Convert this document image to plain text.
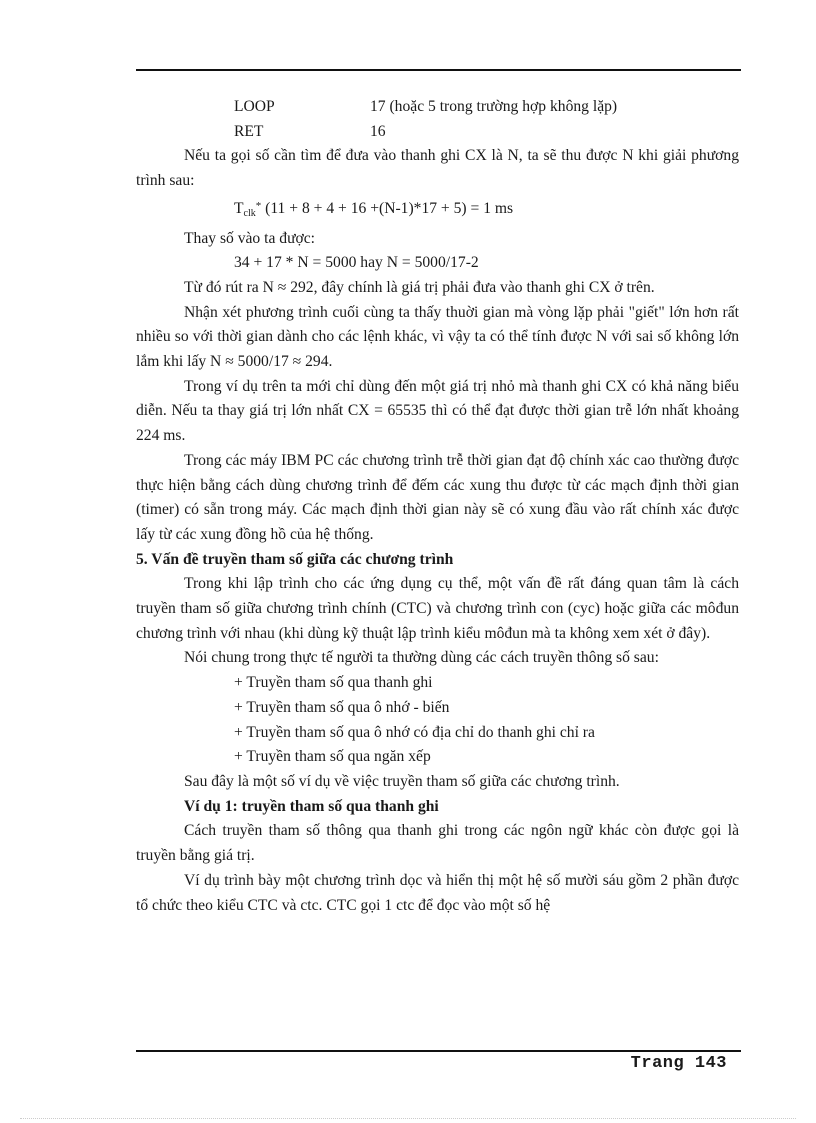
LOOP	17 (hoặc 5 trong trường hợp không lặp)
RET	16

Nếu ta gọi số cần tìm để đưa vào thanh ghi CX là N, ta sẽ thu được N khi giải phương trình sau:

$T_{clk}^*$ (11 + 8 + 4 + 16 +(N-1)*17 + 5) = 1 ms

Thay số vào ta được:

34 + 17 * N = 5000 hay N = 5000/17-2

Từ đó rút ra N ≈ 292, đây chính là giá trị phải đưa vào thanh ghi CX ở trên.

Nhận xét phương trình cuối cùng ta thấy thuời gian mà vòng lặp phải "giết" lớn hơn rất nhiều so với thời gian dành cho các lệnh khác, vì vậy ta có thể tính được N với sai số không lớn lắm khi lấy N ≈ 5000/17 ≈ 294.

Trong ví dụ trên ta mới chỉ dùng đến một giá trị nhỏ mà thanh ghi CX có khả năng biểu diễn. Nếu ta thay giá trị lớn nhất CX = 65535 thì có thể đạt được thời gian trễ lớn nhất khoảng 224 ms.

Trong các máy IBM PC các chương trình trễ thời gian đạt độ chính xác cao thường được thực hiện bằng cách dùng chương trình để đếm các xung thu được từ các mạch định thời gian (timer) có sẵn trong máy. Các mạch định thời gian này sẽ có xung đầu vào rất chính xác được lấy từ các xung đồng hồ của hệ thống.

5. Vấn đề truyền tham số giữa các chương trình

Trong khi lập trình cho các ứng dụng cụ thể, một vấn đề rất đáng quan tâm là cách truyền tham số giữa chương trình chính (CTC) và chương trình con (cyc) hoặc giữa các môđun chương trình với nhau (khi dùng kỹ thuật lập trình kiểu môđun mà ta không xem xét ở đây).

Nói chung trong thực tế người ta thường dùng các cách truyền thông số sau:

+ Truyền tham số qua thanh ghi
+ Truyền tham số qua ô nhớ - biến
+ Truyền tham số qua ô nhớ có địa chỉ do thanh ghi chỉ ra
+ Truyền tham số qua ngăn xếp

Sau đây là một số ví dụ về việc truyền tham số giữa các chương trình.

Ví dụ 1: truyền tham số qua thanh ghi

Cách truyền tham số thông qua thanh ghi trong các ngôn ngữ khác còn được gọi là truyền bằng giá trị.

Ví dụ trình bày một chương trình dọc và hiển thị một hệ số mười sáu gồm 2 phần được tổ chức theo kiểu CTC và ctc. CTC gọi 1 ctc để đọc vào một số hệ

Trang 143
